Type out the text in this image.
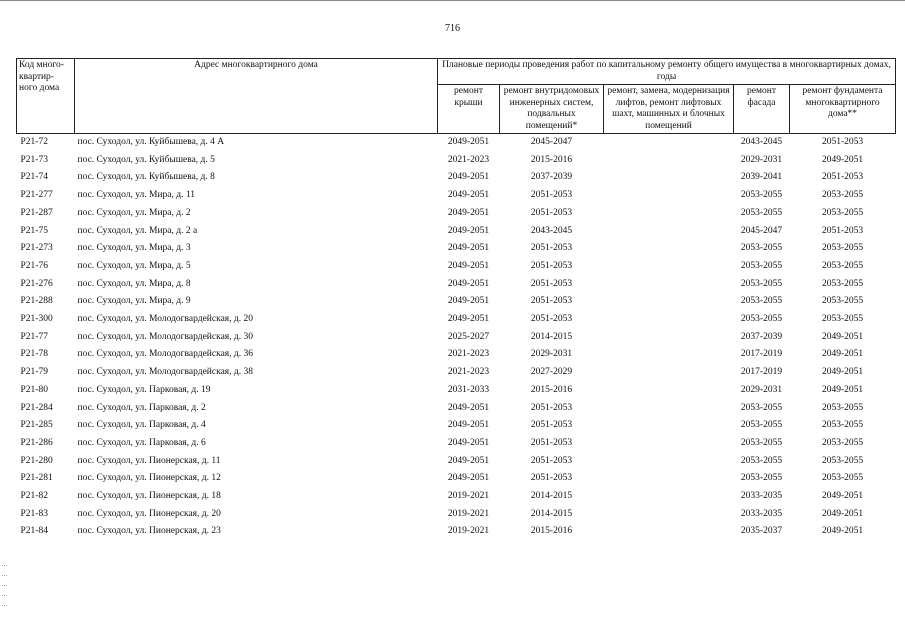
716
Код много-квартир-ного дома	Адрес многоквартирного дома	Плановые периоды проведения работ по капитальному ремонту общего имущества в многоквартирных домах, годы				
		ремонт крыши	ремонт внутридомовых инженерных систем, подвальных помещений*	ремонт, замена, модернизация лифтов, ремонт лифтовых шахт, машинных и блочных помещений	ремонт фасада	ремонт фундамента многоквартирного дома**
Р21-72	пос. Суходол, ул. Куйбышева, д. 4 А	2049-2051	2045-2047		2043-2045	2051-2053
Р21-73	пос. Суходол, ул. Куйбышева, д. 5	2021-2023	2015-2016		2029-2031	2049-2051
Р21-74	пос. Суходол, ул. Куйбышева, д. 8	2049-2051	2037-2039		2039-2041	2051-2053
Р21-277	пос. Суходол, ул. Мира, д. 11	2049-2051	2051-2053		2053-2055	2053-2055
Р21-287	пос. Суходол, ул. Мира, д. 2	2049-2051	2051-2053		2053-2055	2053-2055
Р21-75	пос. Суходол, ул. Мира, д. 2 а	2049-2051	2043-2045		2045-2047	2051-2053
Р21-273	пос. Суходол, ул. Мира, д. 3	2049-2051	2051-2053		2053-2055	2053-2055
Р21-76	пос. Суходол, ул. Мира, д. 5	2049-2051	2051-2053		2053-2055	2053-2055
Р21-276	пос. Суходол, ул. Мира, д. 8	2049-2051	2051-2053		2053-2055	2053-2055
Р21-288	пос. Суходол, ул. Мира, д. 9	2049-2051	2051-2053		2053-2055	2053-2055
Р21-300	пос. Суходол, ул. Молодогвардейская, д. 20	2049-2051	2051-2053		2053-2055	2053-2055
Р21-77	пос. Суходол, ул. Молодогвардейская, д. 30	2025-2027	2014-2015		2037-2039	2049-2051
Р21-78	пос. Суходол, ул. Молодогвардейская, д. 36	2021-2023	2029-2031		2017-2019	2049-2051
Р21-79	пос. Суходол, ул. Молодогвардейская, д. 38	2021-2023	2027-2029		2017-2019	2049-2051
Р21-80	пос. Суходол, ул. Парковая, д. 19	2031-2033	2015-2016		2029-2031	2049-2051
Р21-284	пос. Суходол, ул. Парковая, д. 2	2049-2051	2051-2053		2053-2055	2053-2055
Р21-285	пос. Суходол, ул. Парковая, д. 4	2049-2051	2051-2053		2053-2055	2053-2055
Р21-286	пос. Суходол, ул. Парковая, д. 6	2049-2051	2051-2053		2053-2055	2053-2055
Р21-280	пос. Суходол, ул. Пионерская, д. 11	2049-2051	2051-2053		2053-2055	2053-2055
Р21-281	пос. Суходол, ул. Пионерская, д. 12	2049-2051	2051-2053		2053-2055	2053-2055
Р21-82	пос. Суходол, ул. Пионерская, д. 18	2019-2021	2014-2015		2033-2035	2049-2051
Р21-83	пос. Суходол, ул. Пионерская, д. 20	2019-2021	2014-2015		2033-2035	2049-2051
Р21-84	пос. Суходол, ул. Пионерская, д. 23	2019-2021	2015-2016		2035-2037	2049-2051
